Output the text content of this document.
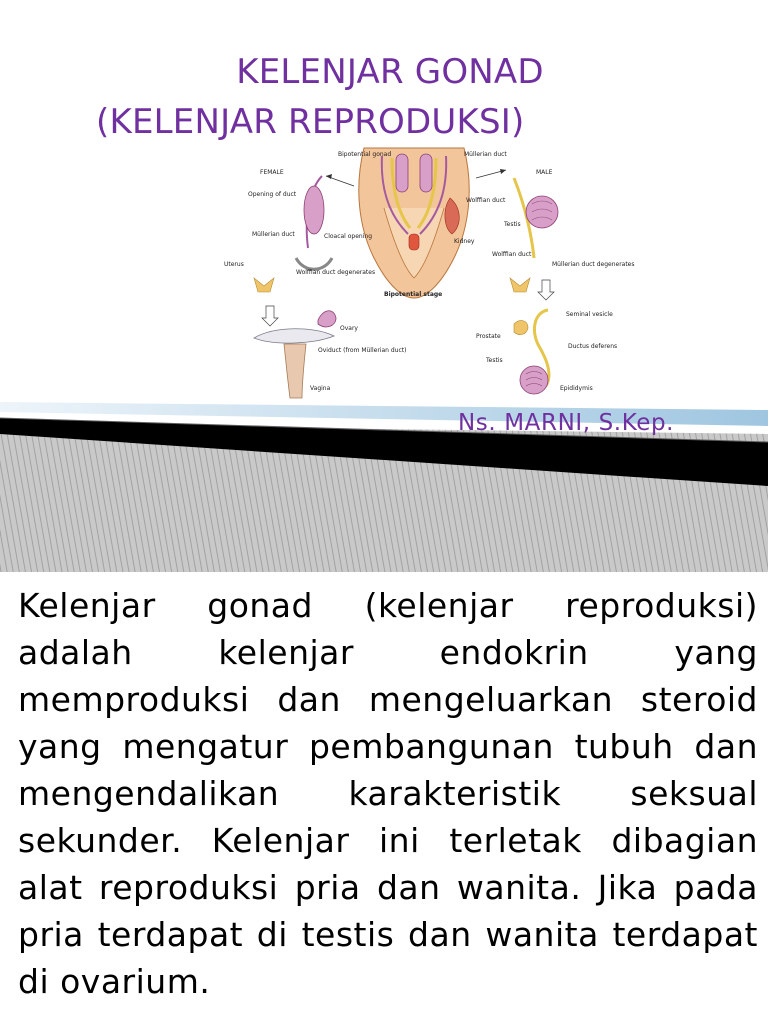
KELENJAR GONAD
(KELENJAR REPRODUKSI)
Bipotential gonad	Müllerian duct
Wolffian duct
Kidney
Cloacal opening
Bipotential stage
FEMALE
Opening of duct
Müllerian duct
Uterus
Wolffian duct degenerates
Ovary
Oviduct (from Müllerian duct)
Vagina
MALE
Testis
Wolffian duct
Müllerian duct degenerates
Seminal vesicle
Prostate
Ductus deferens
Testis
Epididymis

Ns. MARNI, S.Kep.

Kelenjar gonad (kelenjar reproduksi) adalah kelenjar endokrin yang memproduksi dan mengeluarkan steroid yang mengatur pembangunan tubuh dan mengendalikan karakteristik seksual sekunder. Kelenjar ini terletak dibagian alat reproduksi pria dan wanita. Jika pada pria terdapat di testis dan wanita terdapat di ovarium.
